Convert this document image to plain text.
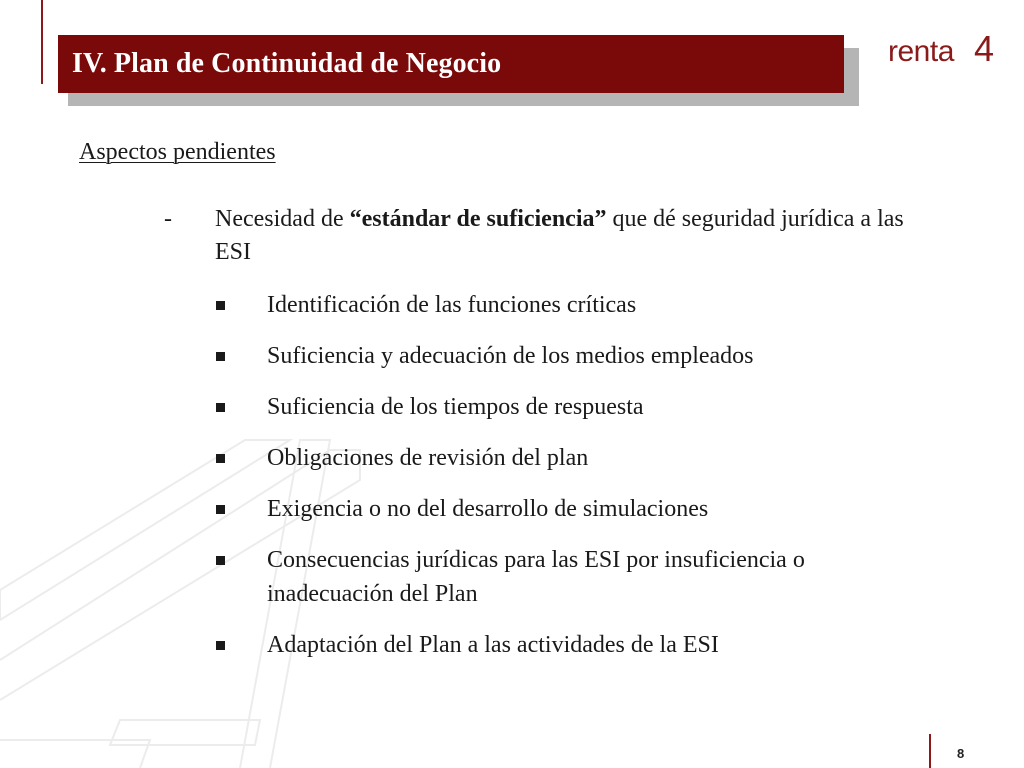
IV. Plan de Continuidad de Negocio	renta 4
Aspectos pendientes
- Necesidad de “estándar de suficiencia” que dé seguridad jurídica a las ESI
Identificación de las funciones críticas
Suficiencia y adecuación de los medios empleados
Suficiencia de los tiempos de respuesta
Obligaciones de revisión del plan
Exigencia o no del desarrollo de simulaciones
Consecuencias jurídicas para las ESI por insuficiencia o inadecuación del Plan
Adaptación del Plan a las actividades de la ESI
8
